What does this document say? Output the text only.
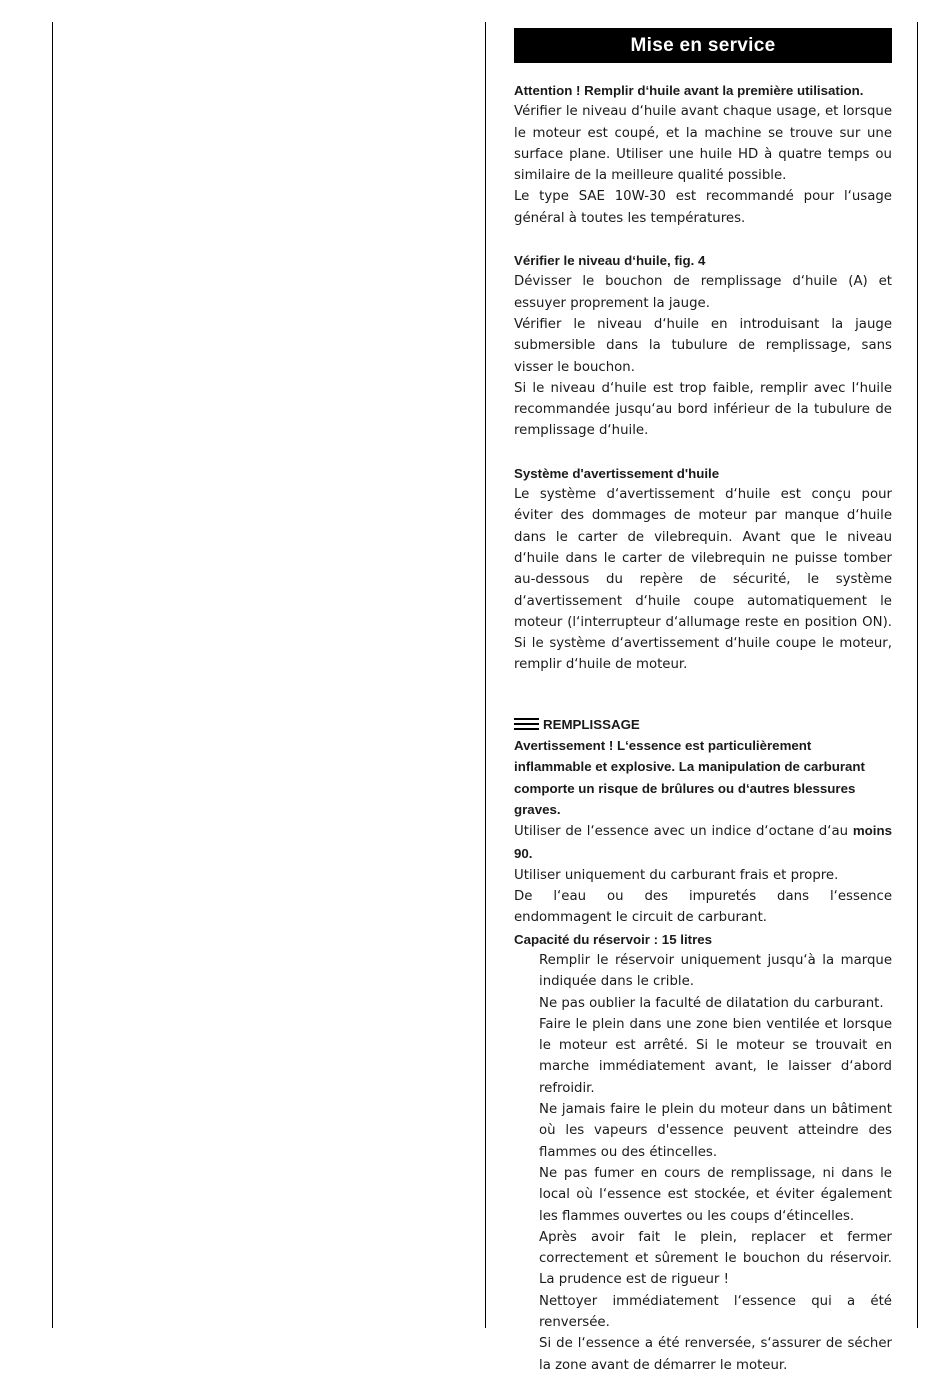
Mise en service

Attention ! Remplir d‘huile avant la première utilisation.

Vérifier le niveau d‘huile avant chaque usage, et lorsque le moteur est coupé, et la machine se trouve sur une surface plane. Utiliser une huile HD à quatre temps ou similaire de la meilleure qualité possible.

Le type SAE 10W-30 est recommandé pour l‘usage général à toutes les températures.

Vérifier le niveau d‘huile, fig. 4

Dévisser le bouchon de remplissage d‘huile (A) et essuyer proprement la jauge.

Vérifier le niveau d‘huile en introduisant la jauge submersible dans la tubulure de remplissage, sans visser le bouchon.

Si le niveau d‘huile est trop faible, remplir avec l‘huile recommandée jusqu‘au bord inférieur de la tubulure de remplissage d‘huile.

Système d'avertissement d'huile

Le système d‘avertissement d‘huile est conçu pour éviter des dommages de moteur par manque d‘huile dans le carter de vilebrequin. Avant que le niveau d‘huile dans le carter de vilebrequin ne puisse tomber au-dessous du repère de sécurité, le système d‘avertissement d‘huile coupe automatiquement le moteur (l‘interrupteur d‘allumage reste en position ON). Si le système d‘avertissement d‘huile coupe le moteur, remplir d‘huile de moteur.

REMPLISSAGE

Avertissement ! L‘essence est particulièrement inflammable et explosive. La manipulation de carburant comporte un risque de brûlures ou d‘autres blessures graves.

Utiliser de l‘essence avec un indice d‘octane d‘au moins 90.

Utiliser uniquement du carburant frais et propre.

De l‘eau ou des impuretés dans l‘essence endommagent le circuit de carburant.

Capacité du réservoir : 15 litres

Remplir le réservoir uniquement jusqu‘à la marque indiquée dans le crible.

Ne pas oublier la faculté de dilatation du carburant.

Faire le plein dans une zone bien ventilée et lorsque le moteur est arrêté. Si le moteur se trouvait en marche immédiatement avant, le laisser d‘abord refroidir.

Ne jamais faire le plein du moteur dans un bâtiment où les vapeurs d'essence peuvent atteindre des flammes ou des étincelles.

Ne pas fumer en cours de remplissage, ni dans le local où l‘essence est stockée, et éviter également les flammes ouvertes ou les coups d‘étincelles.

Après avoir fait le plein, replacer et fermer correctement et sûrement le bouchon du réservoir. La prudence est de rigueur !

Nettoyer immédiatement l‘essence qui a été renversée.

Si de l‘essence a été renversée, s‘assurer de sécher la zone avant de démarrer le moteur.
